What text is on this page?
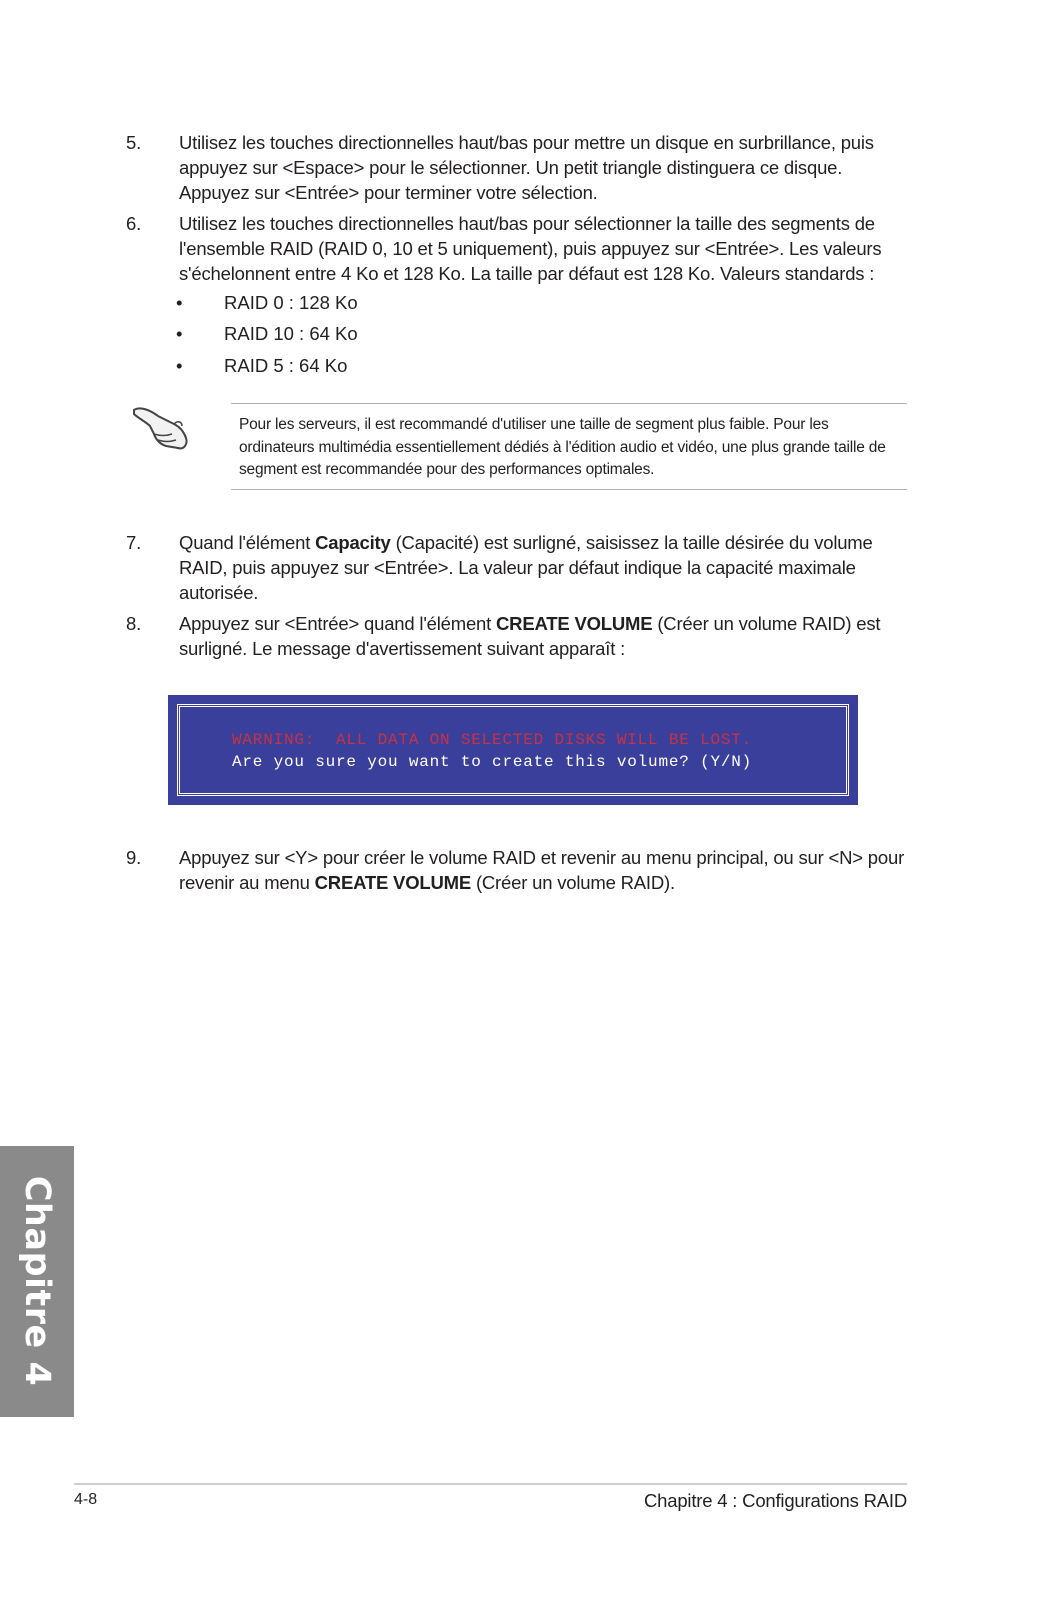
5. Utilisez les touches directionnelles haut/bas pour mettre un disque en surbrillance, puis appuyez sur <Espace> pour le sélectionner. Un petit triangle distinguera ce disque. Appuyez sur <Entrée> pour terminer votre sélection.
6. Utilisez les touches directionnelles haut/bas pour sélectionner la taille des segments de l'ensemble RAID (RAID 0, 10 et 5 uniquement), puis appuyez sur <Entrée>. Les valeurs s'échelonnent entre 4 Ko et 128 Ko. La taille par défaut est 128 Ko. Valeurs standards :
• RAID 0 : 128 Ko
• RAID 10 : 64 Ko
• RAID 5 : 64 Ko
Pour les serveurs, il est recommandé d'utiliser une taille de segment plus faible. Pour les ordinateurs multimédia essentiellement dédiés à l'édition audio et vidéo, une plus grande taille de segment est recommandée pour des performances optimales.
7. Quand l'élément Capacity (Capacité) est surligné, saisissez la taille désirée du volume RAID, puis appuyez sur <Entrée>. La valeur par défaut indique la capacité maximale autorisée.
8. Appuyez sur <Entrée> quand l'élément CREATE VOLUME (Créer un volume RAID) est surligné. Le message d'avertissement suivant apparaît :
WARNING:  ALL DATA ON SELECTED DISKS WILL BE LOST.
Are you sure you want to create this volume? (Y/N)
9. Appuyez sur <Y> pour créer le volume RAID et revenir au menu principal, ou sur <N> pour revenir au menu CREATE VOLUME (Créer un volume RAID).
Chapitre 4
4-8	Chapitre 4 : Configurations RAID
